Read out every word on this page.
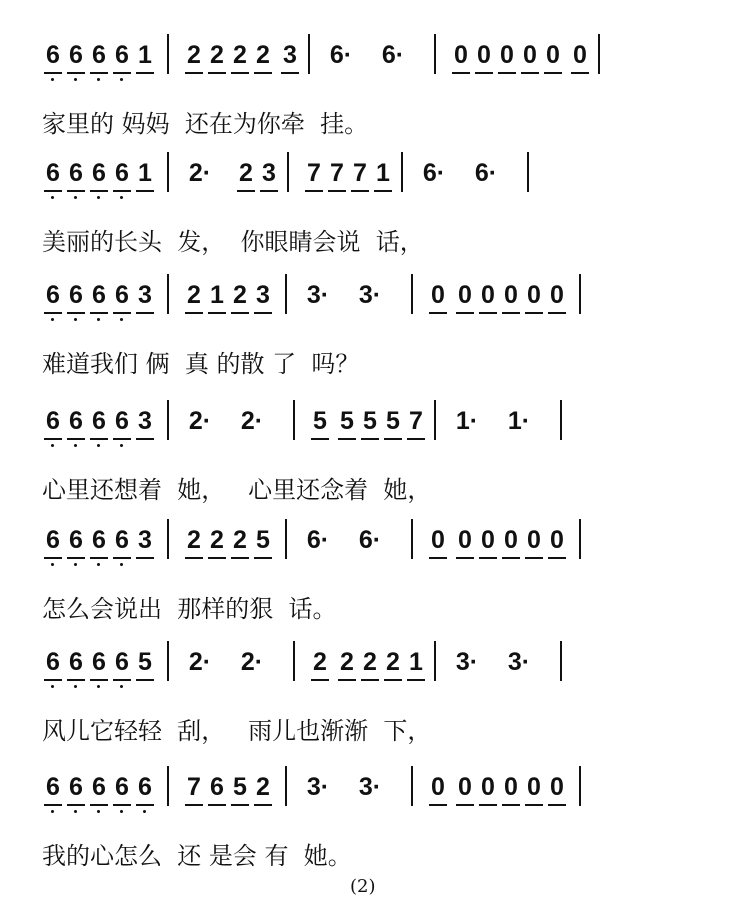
6 6 6 6 1 2 2 2 2 3 6· 6· 0 0 0 0 0 0
家里的 妈妈  还在为你牵  挂。
6 6 6 6 1 2· 2 3 7 7 7 1 6· 6·
美丽的长头  发，  你眼睛会说  话，
6 6 6 6 3 2 1 2 3 3· 3· 0 0 0 0 0 0
难道我们 俩  真 的散 了  吗？
6 6 6 6 3 2· 2· 5 5 5 5 7 1· 1·
心里还想着  她，   心里还念着  她，
6 6 6 6 3 2 2 2 5 6· 6· 0 0 0 0 0 0
怎么会说出  那样的狠  话。
6 6 6 6 5 2· 2· 2 2 2 2 1 3· 3·
风儿它轻轻  刮，   雨儿也渐渐  下，
6 6 6 6 6 7 6 5 2 3· 3· 0 0 0 0 0 0
我的心怎么  还 是会 有  她。
(2)
